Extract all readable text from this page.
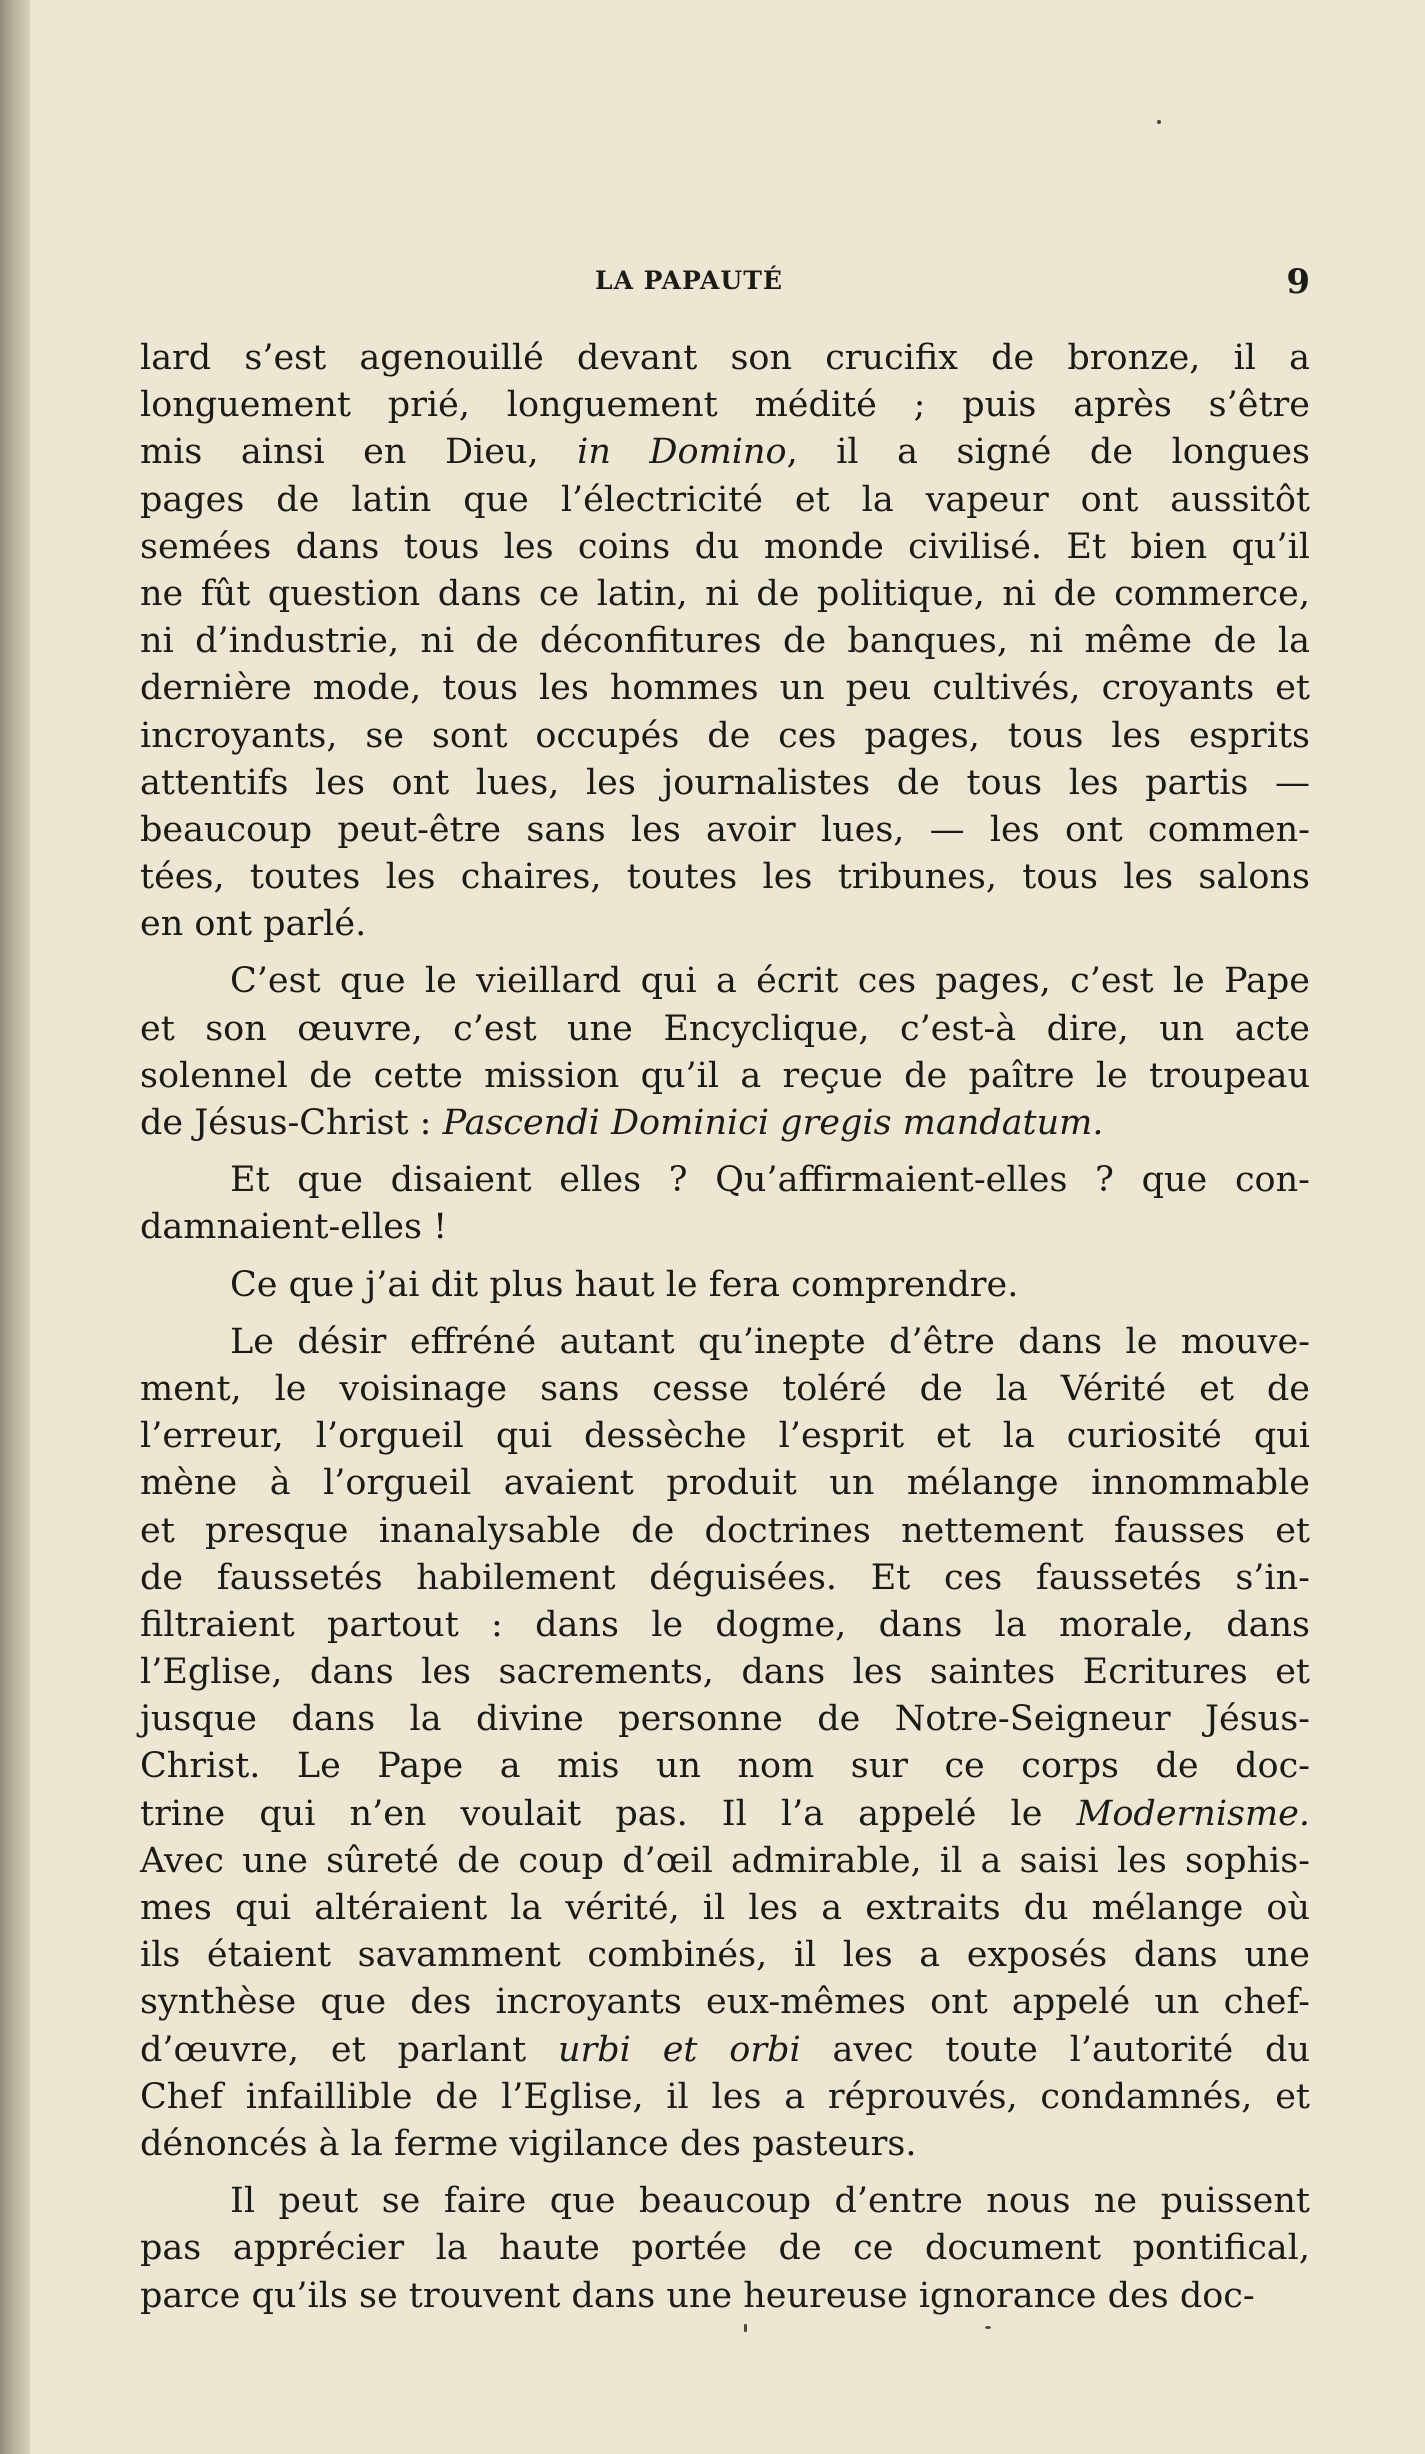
LA PAPAUTÉ	9
lard s’est agenouillé devant son crucifix de bronze, il a
longuement prié, longuement médité ; puis après s’être
mis ainsi en Dieu, in Domino, il a signé de longues
pages de latin que l’électricité et la vapeur ont aussitôt
semées dans tous les coins du monde civilisé. Et bien qu’il
ne fût question dans ce latin, ni de politique, ni de commerce,
ni d’industrie, ni de déconfitures de banques, ni même de la
dernière mode, tous les hommes un peu cultivés, croyants et
incroyants, se sont occupés de ces pages, tous les esprits
attentifs les ont lues, les journalistes de tous les partis —
beaucoup peut-être sans les avoir lues, — les ont commen-
tées, toutes les chaires, toutes les tribunes, tous les salons
en ont parlé.
C’est que le vieillard qui a écrit ces pages, c’est le Pape
et son œuvre, c’est une Encyclique, c’est-à dire, un acte
solennel de cette mission qu’il a reçue de paître le troupeau
de Jésus-Christ : Pascendi Dominici gregis mandatum.
Et que disaient elles ? Qu’affirmaient-elles ? que con-
damnaient-elles !
Ce que j’ai dit plus haut le fera comprendre.
Le désir effréné autant qu’inepte d’être dans le mouve-
ment, le voisinage sans cesse toléré de la Vérité et de
l’erreur, l’orgueil qui dessèche l’esprit et la curiosité qui
mène à l’orgueil avaient produit un mélange innommable
et presque inanalysable de doctrines nettement fausses et
de faussetés habilement déguisées. Et ces faussetés s’in-
filtraient partout : dans le dogme, dans la morale, dans
l’Eglise, dans les sacrements, dans les saintes Ecritures et
jusque dans la divine personne de Notre-Seigneur Jésus-
Christ. Le Pape a mis un nom sur ce corps de doc-
trine qui n’en voulait pas. Il l’a appelé le Modernisme.
Avec une sûreté de coup d’œil admirable, il a saisi les sophis-
mes qui altéraient la vérité, il les a extraits du mélange où
ils étaient savamment combinés, il les a exposés dans une
synthèse que des incroyants eux-mêmes ont appelé un chef-
d’œuvre, et parlant urbi et orbi avec toute l’autorité du
Chef infaillible de l’Eglise, il les a réprouvés, condamnés, et
dénoncés à la ferme vigilance des pasteurs.
Il peut se faire que beaucoup d’entre nous ne puissent
pas apprécier la haute portée de ce document pontifical,
parce qu’ils se trouvent dans une heureuse ignorance des doc-
